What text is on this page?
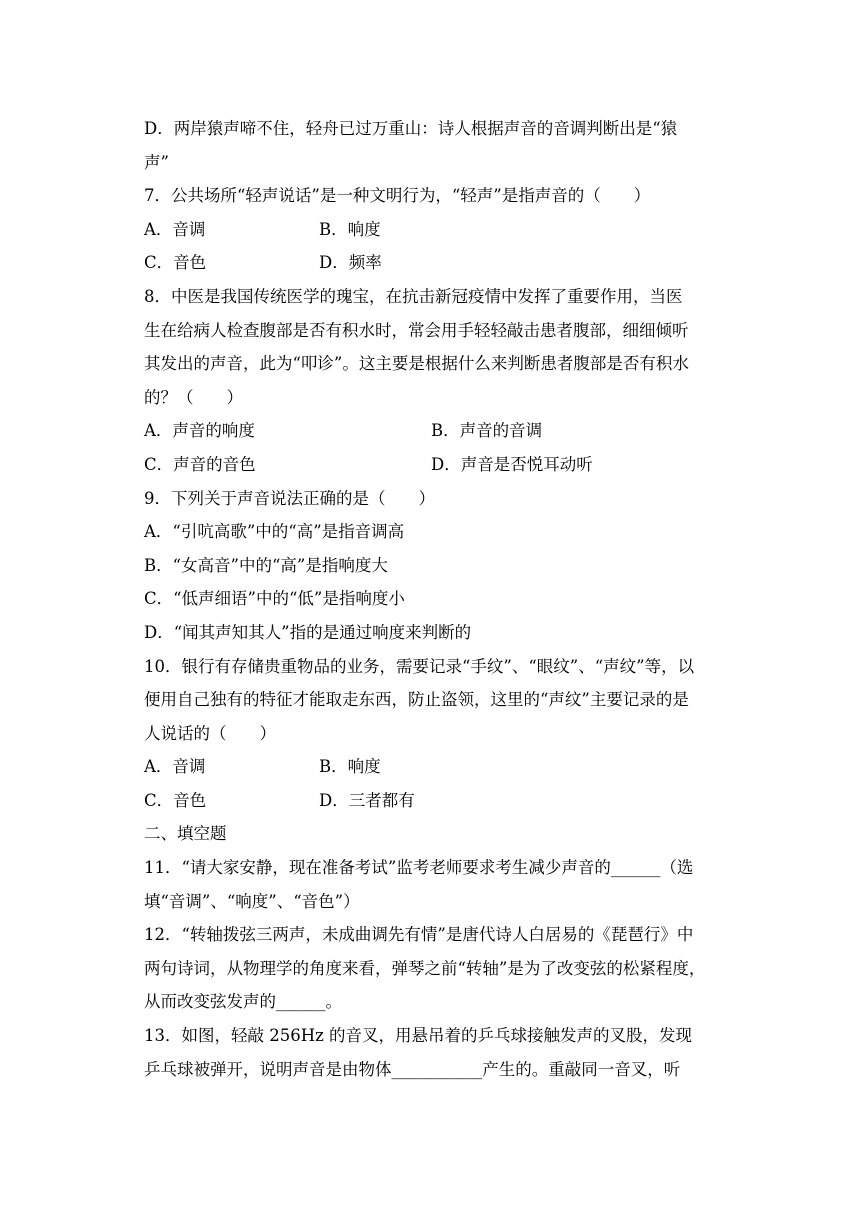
D．两岸猿声啼不住，轻舟已过万重山：诗人根据声音的音调判断出是“猿
声”
7．公共场所“轻声说话”是一种文明行为，“轻声”是指声音的（　　）
A．音调	B．响度
C．音色	D．频率
8．中医是我国传统医学的瑰宝，在抗击新冠疫情中发挥了重要作用，当医
生在给病人检查腹部是否有积水时，常会用手轻轻敲击患者腹部，细细倾听
其发出的声音，此为“叩诊”。这主要是根据什么来判断患者腹部是否有积水
的？（　　）
A．声音的响度	B．声音的音调
C．声音的音色	D．声音是否悦耳动听
9．下列关于声音说法正确的是（　　）
A．“引吭高歌”中的“高”是指音调高
B．“女高音”中的“高”是指响度大
C．“低声细语”中的“低”是指响度小
D．“闻其声知其人”指的是通过响度来判断的
10．银行有存储贵重物品的业务，需要记录“手纹”、“眼纹”、“声纹”等，以
便用自己独有的特征才能取走东西，防止盗领，这里的“声纹”主要记录的是
人说话的（　　）
A．音调	B．响度
C．音色	D．三者都有
二、填空题
11．“请大家安静，现在准备考试”监考老师要求考生减少声音的______（选
填“音调”、“响度”、“音色”）
12．“转轴拨弦三两声，未成曲调先有情”是唐代诗人白居易的《琵琶行》中
两句诗词，从物理学的角度来看，弹琴之前“转轴”是为了改变弦的松紧程度，
从而改变弦发声的______。
13．如图，轻敲 256Hz 的音叉，用悬吊着的乒乓球接触发声的叉股，发现
乒乓球被弹开，说明声音是由物体___________产生的。重敲同一音叉，听
